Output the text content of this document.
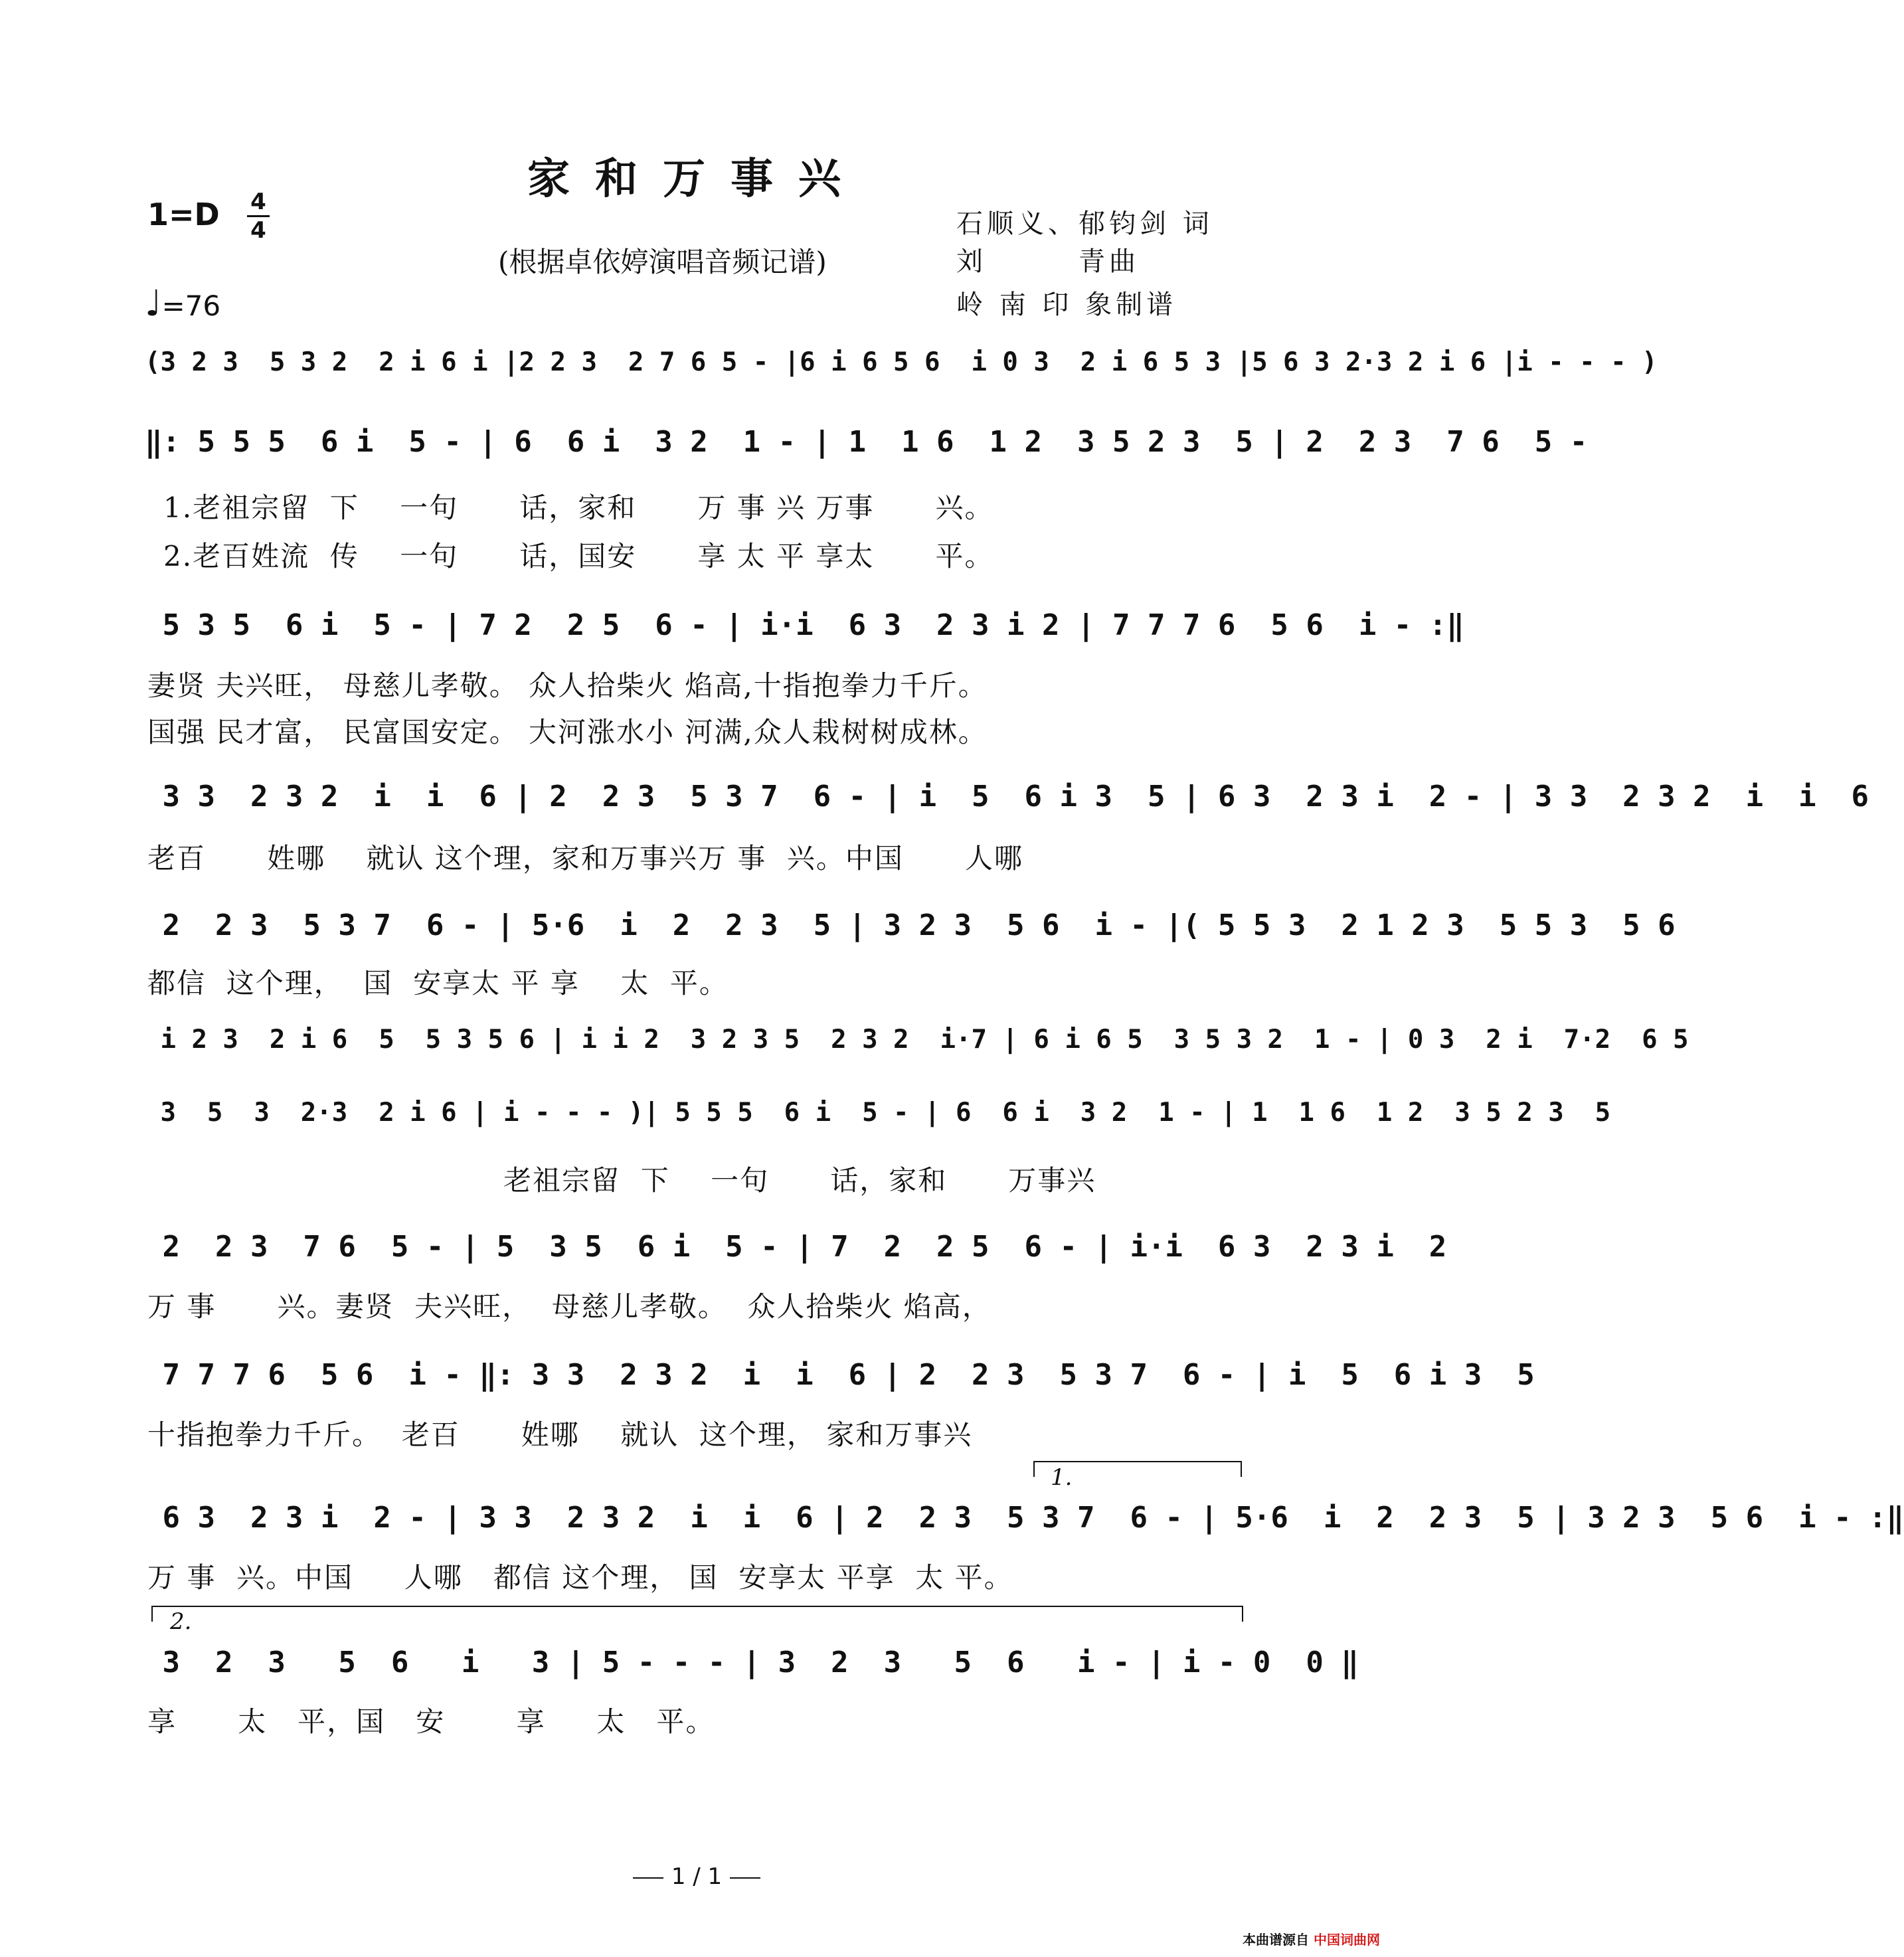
家和万事兴
1=D 4
4
♩=76
(根据卓依婷演唱音频记谱)
石顺义、郁钧剑 词
刘　　　青曲
岭 南 印 象制谱
(3 2 3  5 3 2  2 i 6 i |2 2 3  2 7 6 5 - |6 i 6 5 6  i 0 3  2 i 6 5 3 |5 6 3 2·3 2 i 6 |i - - - )
‖: 5 5 5  6 i  5 - | 6  6 i  3 2  1 - | 1  1 6  1 2  3 5 2 3  5 | 2  2 3  7 6  5 -
1.老祖宗留  下    一句      话，家和      万 事 兴 万事      兴。
2.老百姓流  传    一句      话，国安      享 太 平 享太      平。
5 3 5  6 i  5 - | 7 2  2 5  6 - | i·i  6 3  2 3 i 2 | 7 7 7 6  5 6  i - :‖
妻贤 夫兴旺， 母慈儿孝敬。 众人拾柴火 焰高,十指抱拳力千斤。
国强 民才富， 民富国安定。 大河涨水小 河满,众人栽树树成林。
3 3  2 3 2  i  i  6 | 2  2 3  5 3 7  6 - | i  5  6 i 3  5 | 6 3  2 3 i  2 - | 3 3  2 3 2  i  i  6
老百      姓哪    就认 这个理，家和万事兴万 事  兴。中国      人哪
2  2 3  5 3 7  6 - | 5·6  i  2  2 3  5 | 3 2 3  5 6  i - |( 5 5 3  2 1 2 3  5 5 3  5 6
都信  这个理，  国  安享太 平 享    太  平。
i 2 3  2 i 6  5  5 3 5 6 | i i 2  3 2 3 5  2 3 2  i·7 | 6 i 6 5  3 5 3 2  1 - | 0 3  2 i  7·2  6 5
3  5  3  2·3  2 i 6 | i - - - )| 5 5 5  6 i  5 - | 6  6 i  3 2  1 - | 1  1 6  1 2  3 5 2 3  5
老祖宗留  下    一句      话，家和      万事兴
2  2 3  7 6  5 - | 5  3 5  6 i  5 - | 7  2  2 5  6 - | i·i  6 3  2 3 i  2
万 事      兴。妻贤  夫兴旺，  母慈儿孝敬。  众人拾柴火 焰高，
7 7 7 6  5 6  i - ‖: 3 3  2 3 2  i  i  6 | 2  2 3  5 3 7  6 - | i  5  6 i 3  5
十指抱拳力千斤。  老百      姓哪    就认  这个理， 家和万事兴
1.
6 3  2 3 i  2 - | 3 3  2 3 2  i  i  6 | 2  2 3  5 3 7  6 - | 5·6  i  2  2 3  5 | 3 2 3  5 6  i - :‖
万 事  兴。中国     人哪   都信 这个理， 国  安享太 平享  太 平。
2.
3  2  3   5  6   i   3 | 5 - - - | 3  2  3   5  6   i - | i - 0  0 ‖
享      太   平，国   安       享     太   平。
1 / 1
本曲谱源自 中国词曲网
